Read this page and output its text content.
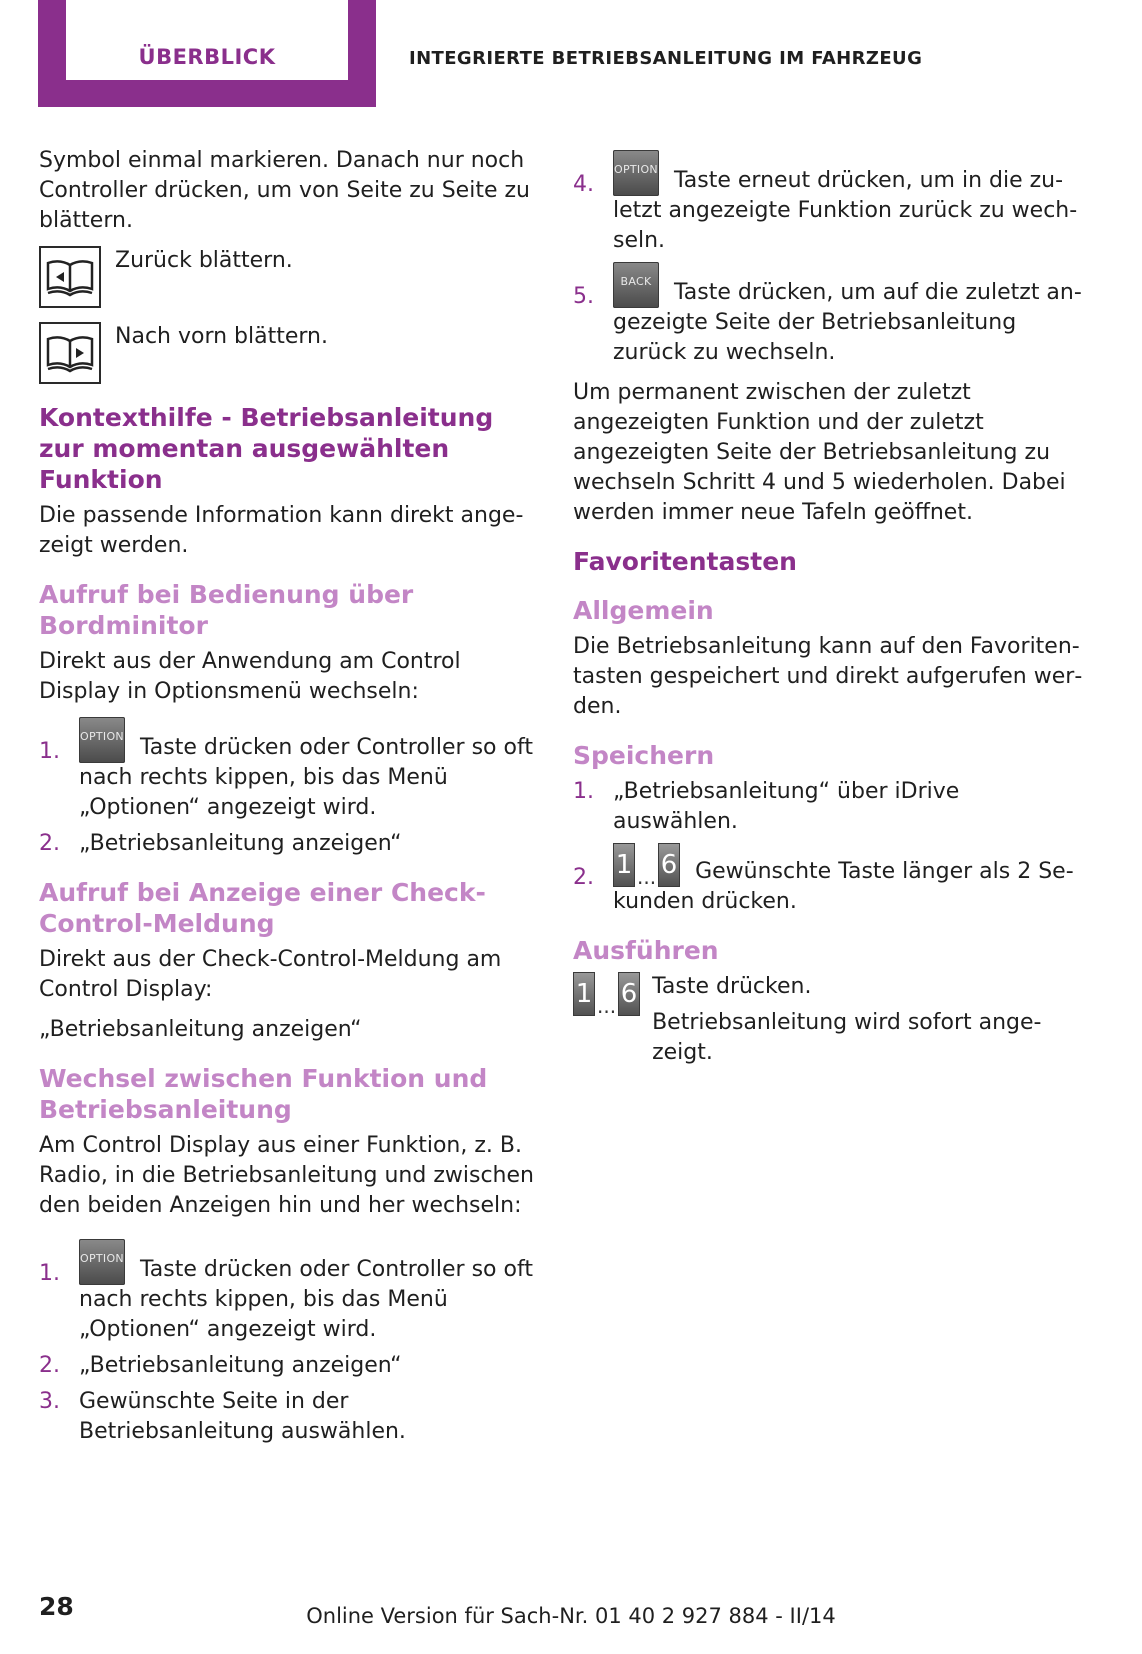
ÜBERBLICK	INTEGRIERTE BETRIEBSANLEITUNG IM FAHRZEUG

Symbol einmal markieren. Danach nur noch Controller drücken, um von Seite zu Seite zu blättern.

Zurück blättern.
Nach vorn blättern.
Kontexthilfe - Betriebsanleitung zur momentan ausgewählten Funktion

Die passende Information kann direkt angezeigt werden.

Aufruf bei Bedienung über Bordminitor

Direkt aus der Anwendung am Control Display in Optionsmenü wechseln:

1.
OPTION Taste drücken oder Controller so oft nach rechts kippen, bis das Menü „Optionen“ angezeigt wird.
2. „Betriebsanleitung anzeigen“
Aufruf bei Anzeige einer Check-Control-Meldung

Direkt aus der Check-Control-Meldung am Control Display:

„Betriebsanleitung anzeigen“

Wechsel zwischen Funktion und Betriebsanleitung

Am Control Display aus einer Funktion, z. B. Radio, in die Betriebsanleitung und zwischen den beiden Anzeigen hin und her wechseln:

1.
OPTION Taste drücken oder Controller so oft nach rechts kippen, bis das Menü „Optionen“ angezeigt wird.
2. „Betriebsanleitung anzeigen“
3. Gewünschte Seite in der Betriebsanleitung auswählen.
4.
OPTION Taste erneut drücken, um in die zuletzt angezeigte Funktion zurück zu wechseln.
5.
BACK Taste drücken, um auf die zuletzt angezeigte Seite der Betriebsanleitung zurück zu wechseln.

Um permanent zwischen der zuletzt angezeigten Funktion und der zuletzt angezeigten Seite der Betriebsanleitung zu wechseln Schritt 4 und 5 wiederholen. Dabei werden immer neue Tafeln geöffnet.

Favoritentasten
Allgemein

Die Betriebsanleitung kann auf den Favoritentasten gespeichert und direkt aufgerufen werden.

Speichern
1. „Betriebsanleitung“ über iDrive auswählen.
2. 1 ... 6 Gewünschte Taste länger als 2 Sekunden drücken.
Ausführen
1 ... 6 Taste drücken.

Betriebsanleitung wird sofort angezeigt.

28	Online Version für Sach-Nr. 01 40 2 927 884 - II/14
